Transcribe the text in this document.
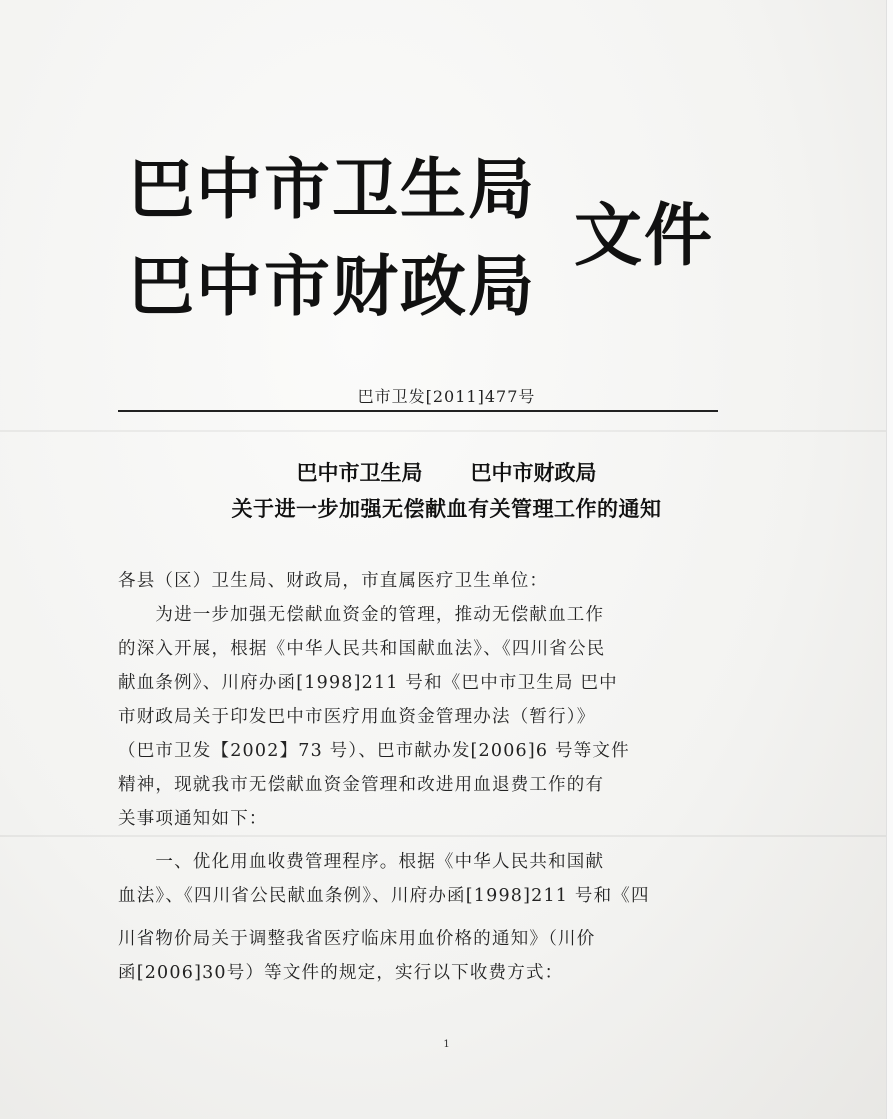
巴中市卫生局
巴中市财政局
文件
巴市卫发[2011]477号
巴中市卫生局 巴中市财政局
关于进一步加强无偿献血有关管理工作的通知
各县（区）卫生局、财政局，市直属医疗卫生单位：
　　为进一步加强无偿献血资金的管理，推动无偿献血工作
的深入开展，根据《中华人民共和国献血法》、《四川省公民
献血条例》、川府办函[1998]211 号和《巴中市卫生局 巴中
市财政局关于印发巴中市医疗用血资金管理办法（暂行）》
（巴市卫发【2002】73 号）、巴市献办发[2006]6 号等文件
精神，现就我市无偿献血资金管理和改进用血退费工作的有
关事项通知如下：
　　一、优化用血收费管理程序。根据《中华人民共和国献
血法》、《四川省公民献血条例》、川府办函[1998]211 号和《四
川省物价局关于调整我省医疗临床用血价格的通知》（川价
函[2006]30号）等文件的规定，实行以下收费方式：
1
